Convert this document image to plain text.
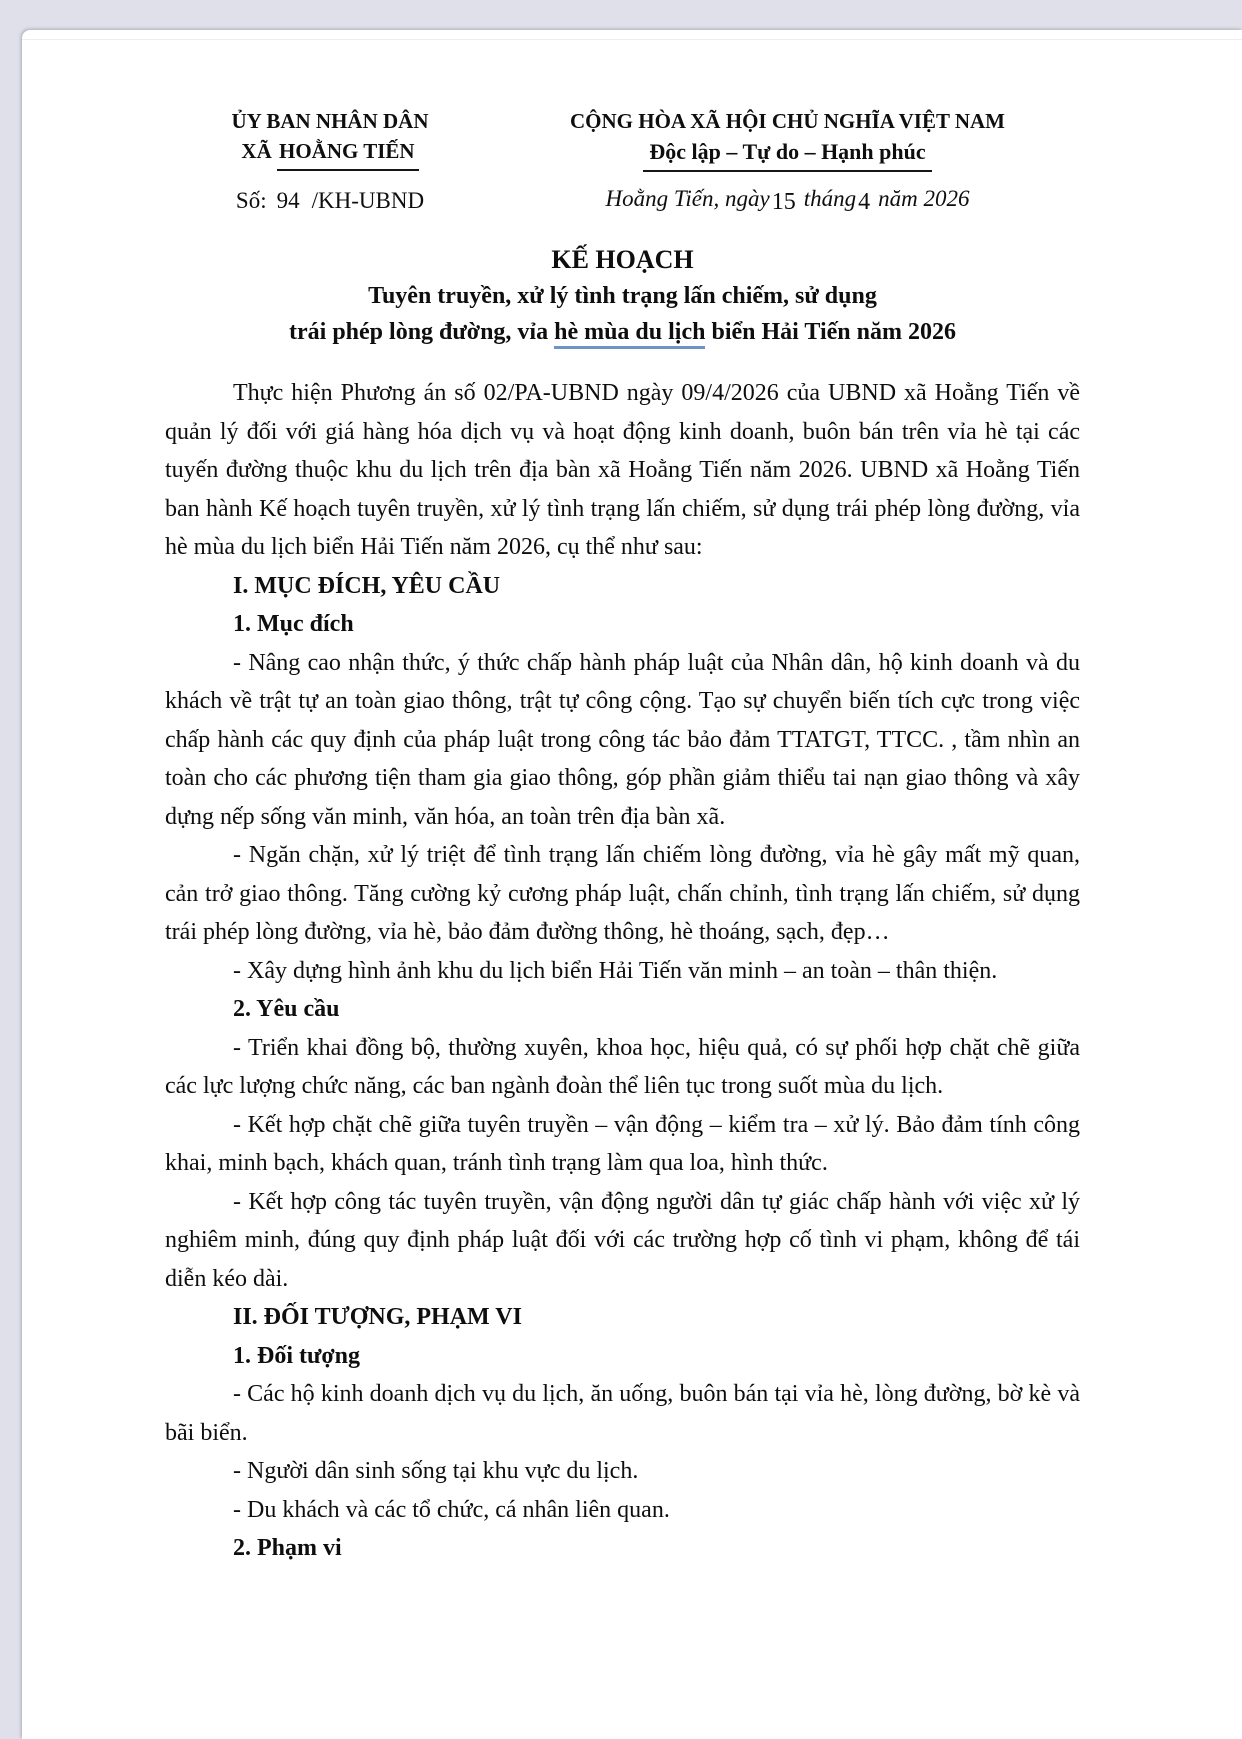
ỦY BAN NHÂN DÂN
XÃ HOẰNG TIẾN
Số: 94 /KH-UBND
CỘNG HÒA XÃ HỘI CHỦ NGHĨA VIỆT NAM
Độc lập – Tự do – Hạnh phúc
Hoằng Tiến, ngày15 tháng4 năm 2026
KẾ HOẠCH
Tuyên truyền, xử lý tình trạng lấn chiếm, sử dụng
trái phép lòng đường, vỉa hè mùa du lịch biển Hải Tiến năm 2026

Thực hiện Phương án số 02/PA-UBND ngày 09/4/2026 của UBND xã Hoằng Tiến về quản lý đối với giá hàng hóa dịch vụ và hoạt động kinh doanh, buôn bán trên vỉa hè tại các tuyến đường thuộc khu du lịch trên địa bàn xã Hoằng Tiến năm 2026. UBND xã Hoằng Tiến ban hành Kế hoạch tuyên truyền, xử lý tình trạng lấn chiếm, sử dụng trái phép lòng đường, vỉa hè mùa du lịch biển Hải Tiến năm 2026, cụ thể như sau:

I. MỤC ĐÍCH, YÊU CẦU

1. Mục đích

- Nâng cao nhận thức, ý thức chấp hành pháp luật của Nhân dân, hộ kinh doanh và du khách về trật tự an toàn giao thông, trật tự công cộng. Tạo sự chuyển biến tích cực trong việc chấp hành các quy định của pháp luật trong công tác bảo đảm TTATGT, TTCC. , tầm nhìn an toàn cho các phương tiện tham gia giao thông, góp phần giảm thiểu tai nạn giao thông và xây dựng nếp sống văn minh, văn hóa, an toàn trên địa bàn xã.

- Ngăn chặn, xử lý triệt để tình trạng lấn chiếm lòng đường, vỉa hè gây mất mỹ quan, cản trở giao thông. Tăng cường kỷ cương pháp luật, chấn chỉnh, tình trạng lấn chiếm, sử dụng trái phép lòng đường, vỉa hè, bảo đảm đường thông, hè thoáng, sạch, đẹp…

- Xây dựng hình ảnh khu du lịch biển Hải Tiến văn minh – an toàn – thân thiện.

2. Yêu cầu

- Triển khai đồng bộ, thường xuyên, khoa học, hiệu quả, có sự phối hợp chặt chẽ giữa các lực lượng chức năng, các ban ngành đoàn thể liên tục trong suốt mùa du lịch.

- Kết hợp chặt chẽ giữa tuyên truyền – vận động – kiểm tra – xử lý. Bảo đảm tính công khai, minh bạch, khách quan, tránh tình trạng làm qua loa, hình thức.

- Kết hợp công tác tuyên truyền, vận động người dân tự giác chấp hành với việc xử lý nghiêm minh, đúng quy định pháp luật đối với các trường hợp cố tình vi phạm, không để tái diễn kéo dài.

II. ĐỐI TƯỢNG, PHẠM VI

1. Đối tượng

- Các hộ kinh doanh dịch vụ du lịch, ăn uống, buôn bán tại vỉa hè, lòng đường, bờ kè và bãi biển.

- Người dân sinh sống tại khu vực du lịch.

- Du khách và các tổ chức, cá nhân liên quan.

2. Phạm vi
